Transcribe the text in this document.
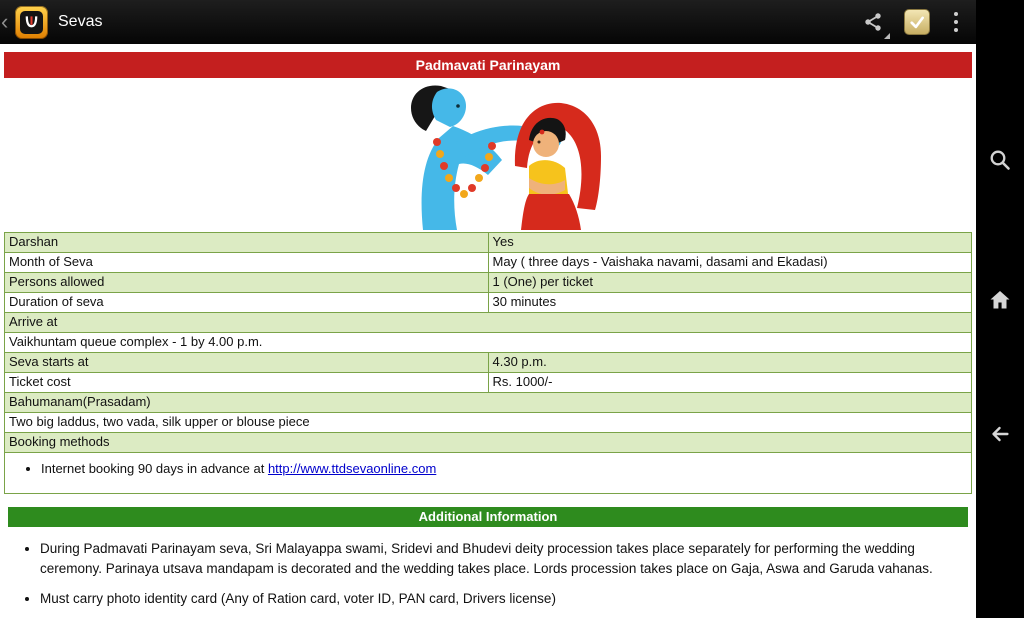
‹	Sevas
Padmavati Parinayam
Darshan	Yes
Month of Seva	May ( three days - Vaishaka navami, dasami and Ekadasi)
Persons allowed	1 (One) per ticket
Duration of seva	30 minutes
Arrive at	
Vaikhuntam queue complex - 1 by 4.00 p.m.	
Seva starts at	4.30 p.m.
Ticket cost	Rs. 1000/-
Bahumanam(Prasadam)	
Two big laddus, two vada, silk upper or blouse piece	
Booking methods	

• Internet booking 90 days in advance at http://www.ttdsevaonline.com
Additional Information
• During Padmavati Parinayam seva, Sri Malayappa swami, Sridevi and Bhudevi deity procession takes place separately for performing the wedding ceremony. Parinaya utsava mandapam is decorated and the wedding takes place. Lords procession takes place on Gaja, Aswa and Garuda vahanas.
• Must carry photo identity card (Any of Ration card, voter ID, PAN card, Drivers license)
